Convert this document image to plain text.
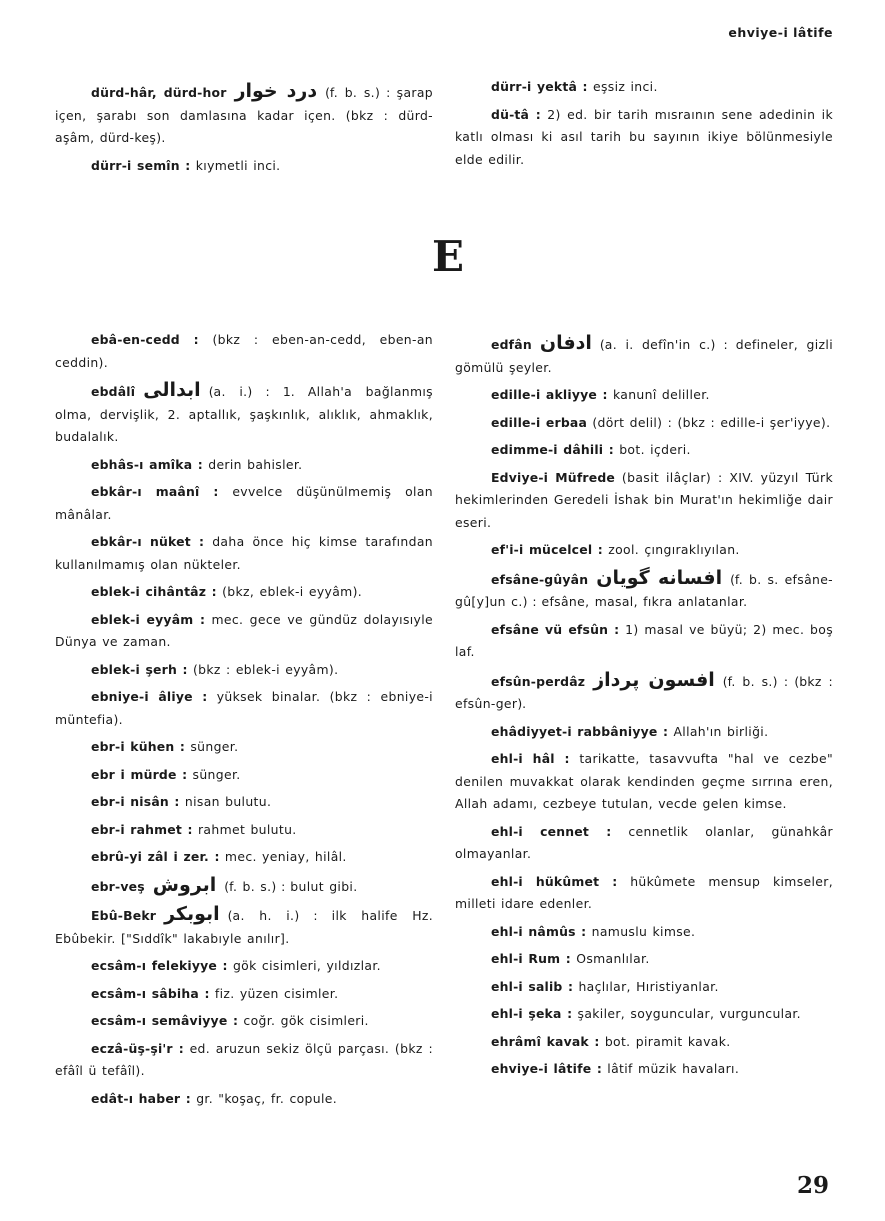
ehviye-i lâtife

dürd-hâr, dürd-hor درد خوار (f. b. s.) : şarap içen, şarabı son damlasına kadar içen. (bkz : dürd-aşâm, dürd-keş).

dürr-i semîn : kıymetli inci.

dürr-i yektâ : eşsiz inci.

dü-tâ : 2) ed. bir tarih mısraının sene adedinin ik katlı olması ki asıl tarih bu sayının ikiye bölünmesiyle elde edilir.

E

ebâ-en-cedd : (bkz : eben-an-cedd, eben-an ceddin).

ebdâlî ابدالى (a. i.) : 1. Allah'a bağlanmış olma, dervişlik, 2. aptallık, şaşkınlık, alıklık, ahmaklık, budalalık.

ebhâs-ı amîka : derin bahisler.

ebkâr-ı maânî : evvelce düşünülmemiş olan mânâlar.

ebkâr-ı nüket : daha önce hiç kimse tarafından kullanılmamış olan nükteler.

eblek-i cihântâz : (bkz, eblek-i eyyâm).

eblek-i eyyâm : mec. gece ve gündüz dolayısıyle Dünya ve zaman.

eblek-i şerh : (bkz : eblek-i eyyâm).

ebniye-i âliye : yüksek binalar. (bkz : ebniye-i müntefia).

ebr-i kühen : sünger.

ebr i mürde : sünger.

ebr-i nisân : nisan bulutu.

ebr-i rahmet : rahmet bulutu.

ebrû-yi zâl i zer. : mec. yeniay, hilâl.

ebr-veş ابروش (f. b. s.) : bulut gibi.

Ebû-Bekr ابوبكر (a. h. i.) : ilk halife Hz. Ebûbekir. ["Sıddîk" lakabıyle anılır].

ecsâm-ı felekiyye : gök cisimleri, yıldızlar.

ecsâm-ı sâbiha : fiz. yüzen cisimler.

ecsâm-ı semâviyye : coğr. gök cisimleri.

eczâ-üş-şi'r : ed. aruzun sekiz ölçü parçası. (bkz : efâîl ü tefâîl).

edât-ı haber : gr. "koşaç, fr. copule.

edfân ادفان (a. i. defîn'in c.) : defineler, gizli gömülü şeyler.

edille-i akliyye : kanunî deliller.

edille-i erbaa (dört delil) : (bkz : edille-i şer'iyye).

edimme-i dâhili : bot. içderi.

Edviye-i Müfrede (basit ilâçlar) : XIV. yüzyıl Türk hekimlerinden Geredeli İshak bin Murat'ın hekimliğe dair eseri.

ef'i-i mücelcel : zool. çıngıraklıyılan.

efsâne-gûyân افسانه گويان (f. b. s. efsâne-gû[y]un c.) : efsâne, masal, fıkra anlatanlar.

efsâne vü efsûn : 1) masal ve büyü; 2) mec. boş laf.

efsûn-perdâz افسون پرداز (f. b. s.) : (bkz : efsûn-ger).

ehâdiyyet-i rabbâniyye : Allah'ın birliği.

ehl-i hâl : tarikatte, tasavvufta "hal ve cezbe" denilen muvakkat olarak kendinden geçme sırrına eren, Allah adamı, cezbeye tutulan, vecde gelen kimse.

ehl-i cennet : cennetlik olanlar, günahkâr olmayanlar.

ehl-i hükûmet : hükûmete mensup kimseler, milleti idare edenler.

ehl-i nâmûs : namuslu kimse.

ehl-i Rum : Osmanlılar.

ehl-i salib : haçlılar, Hıristiyanlar.

ehl-i şeka : şakiler, soyguncular, vurguncular.

ehrâmî kavak : bot. piramit kavak.

ehviye-i lâtife : lâtif müzik havaları.

29
